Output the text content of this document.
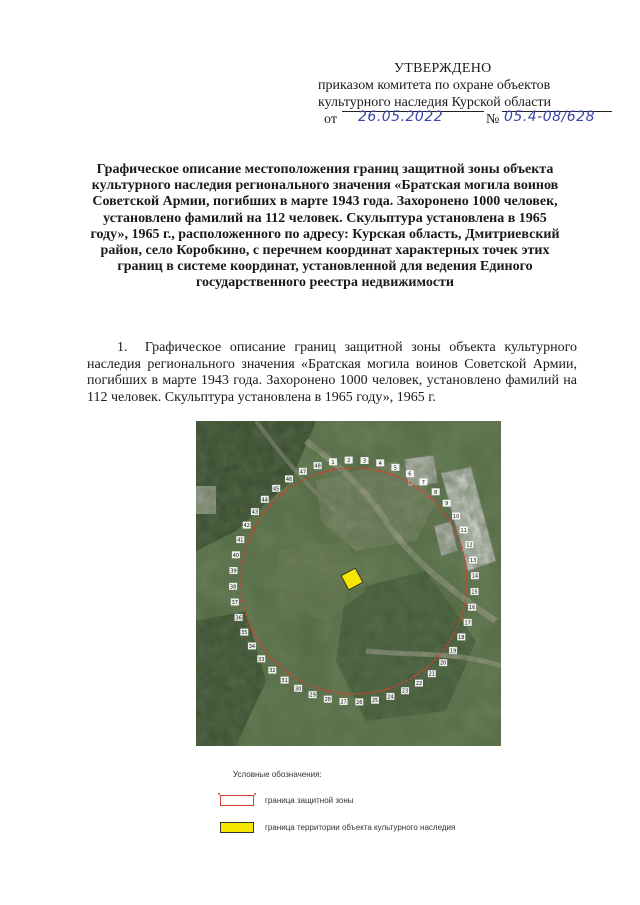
УТВЕРЖДЕНО
приказом комитета по охране объектов
культурного наследия Курской области
от 26.05.2022	№ 05.4-08/628
Графическое описание местоположения границ защитной зоны объекта культурного наследия регионального значения «Братская могила воинов Советской Армии, погибших в марте 1943 года. Захоронено 1000 человек, установлено фамилий на 112 человек. Скульптура установлена в 1965 году», 1965 г., расположенного по адресу: Курская область, Дмитриевский район, село Коробкино, с перечнем координат характерных точек этих границ в системе координат, установленной для ведения Единого государственного реестра недвижимости
1. Графическое описание границ защитной зоны объекта культурного наследия регионального значения «Братская могила воинов Советской Армии, погибших в марте 1943 года. Захоронено 1000 человек, установлено фамилий на 112 человек. Скульптура установлена в 1965 году», 1965 г.
1	2	3	4
5
6
7
8
9
10
11
12
13
14
15
16
17
18
19
20
21
22
23
24
25
26
27
28
29
30
31
32
33
34
35
36
37
38
39
40
41
42
43
44
45
46
47
48
Условные обозначения:
граница защитной зоны
граница территории объекта культурного наследия
